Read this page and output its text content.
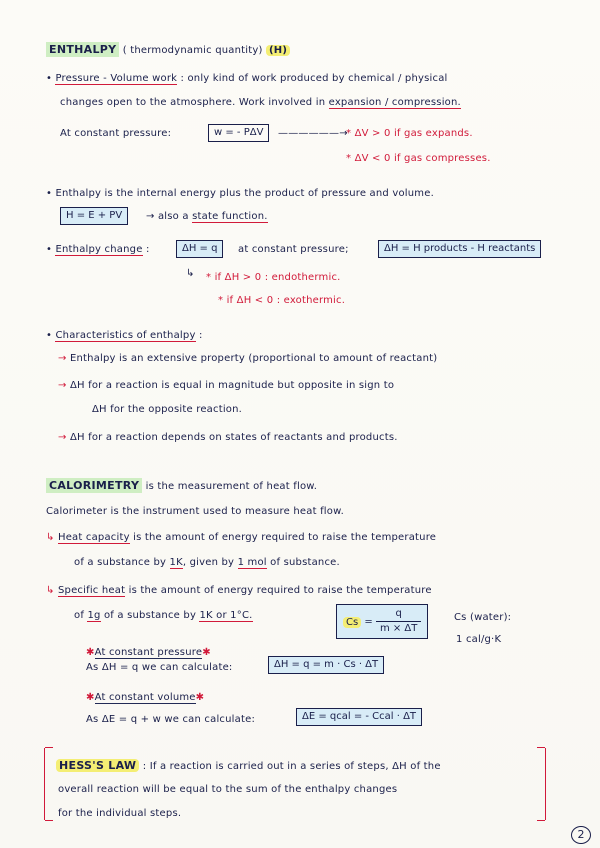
ENTHALPY ( thermodynamic quantity) (H)
• Pressure - Volume work : only kind of work produced by chemical / physical
changes open to the atmosphere. Work involved in expansion / compression.
At constant pressure:	w = - PΔV	——————→
* ΔV > 0 if gas expands.
* ΔV < 0 if gas compresses.
• Enthalpy is the internal energy plus the product of pressure and volume.
H = E + PV	→ also a state function.
• Enthalpy change :	ΔH = q	at constant pressure;	ΔH = H products - H reactants
↳ * if ΔH > 0 : endothermic.
* if ΔH < 0 : exothermic.
• Characteristics of enthalpy :
→ Enthalpy is an extensive property (proportional to amount of reactant)
→ ΔH for a reaction is equal in magnitude but opposite in sign to
ΔH for the opposite reaction.
→ ΔH for a reaction depends on states of reactants and products.
CALORIMETRY is the measurement of heat flow.
Calorimeter is the instrument used to measure heat flow.
↳ Heat capacity is the amount of energy required to raise the temperature
of a substance by 1K, given by 1 mol of substance.
↳ Specific heat is the amount of energy required to raise the temperature
of 1g of a substance by 1K or 1°C.
$Cs = \frac{q}{m \times \Delta T}$	Cs (water):
1 cal/g·K
✱At constant pressure✱
As ΔH = q we can calculate:	ΔH = q = m · Cs · ΔT
✱At constant volume✱
As ΔE = q + w we can calculate:	ΔE = qcal = - Ccal · ΔT
HESS'S LAW : If a reaction is carried out in a series of steps, ΔH of the
overall reaction will be equal to the sum of the enthalpy changes
for the individual steps.
2
